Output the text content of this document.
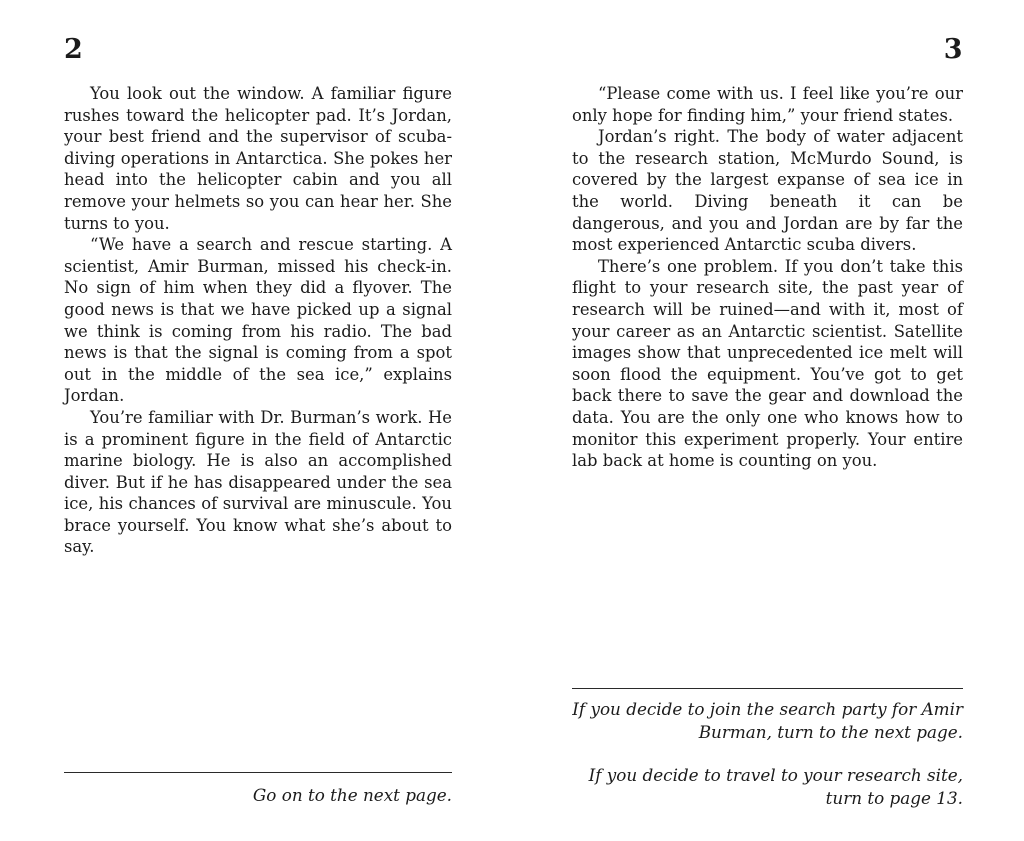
2

You look out the window. A familiar figure rushes toward the helicopter pad. It’s Jordan, your best friend and the supervisor of scuba-diving operations in Antarctica. She pokes her head into the helicopter cabin and you all remove your helmets so you can hear her. She turns to you.

“We have a search and rescue starting. A scientist, Amir Burman, missed his check-in. No sign of him when they did a flyover. The good news is that we have picked up a signal we think is coming from his radio. The bad news is that the signal is coming from a spot out in the middle of the sea ice,” explains Jordan.

You’re familiar with Dr. Burman’s work. He is a prominent figure in the field of Antarctic marine biology. He is also an accomplished diver. But if he has disappeared under the sea ice, his chances of survival are minuscule. You brace yourself. You know what she’s about to say.

Go on to the next page.
3

“Please come with us. I feel like you’re our only hope for finding him,” your friend states.

Jordan’s right. The body of water adjacent to the research station, McMurdo Sound, is covered by the largest expanse of sea ice in the world. Diving beneath it can be dangerous, and you and Jordan are by far the most experienced Antarctic scuba divers.

There’s one problem. If you don’t take this flight to your research site, the past year of research will be ruined—and with it, most of your career as an Antarctic scientist. Satellite images show that unprecedented ice melt will soon flood the equipment. You’ve got to get back there to save the gear and download the data. You are the only one who knows how to monitor this experiment properly. Your entire lab back at home is counting on you.

If you decide to join the search party for Amir Burman, turn to the next page.
If you decide to travel to your research site, turn to page 13.
